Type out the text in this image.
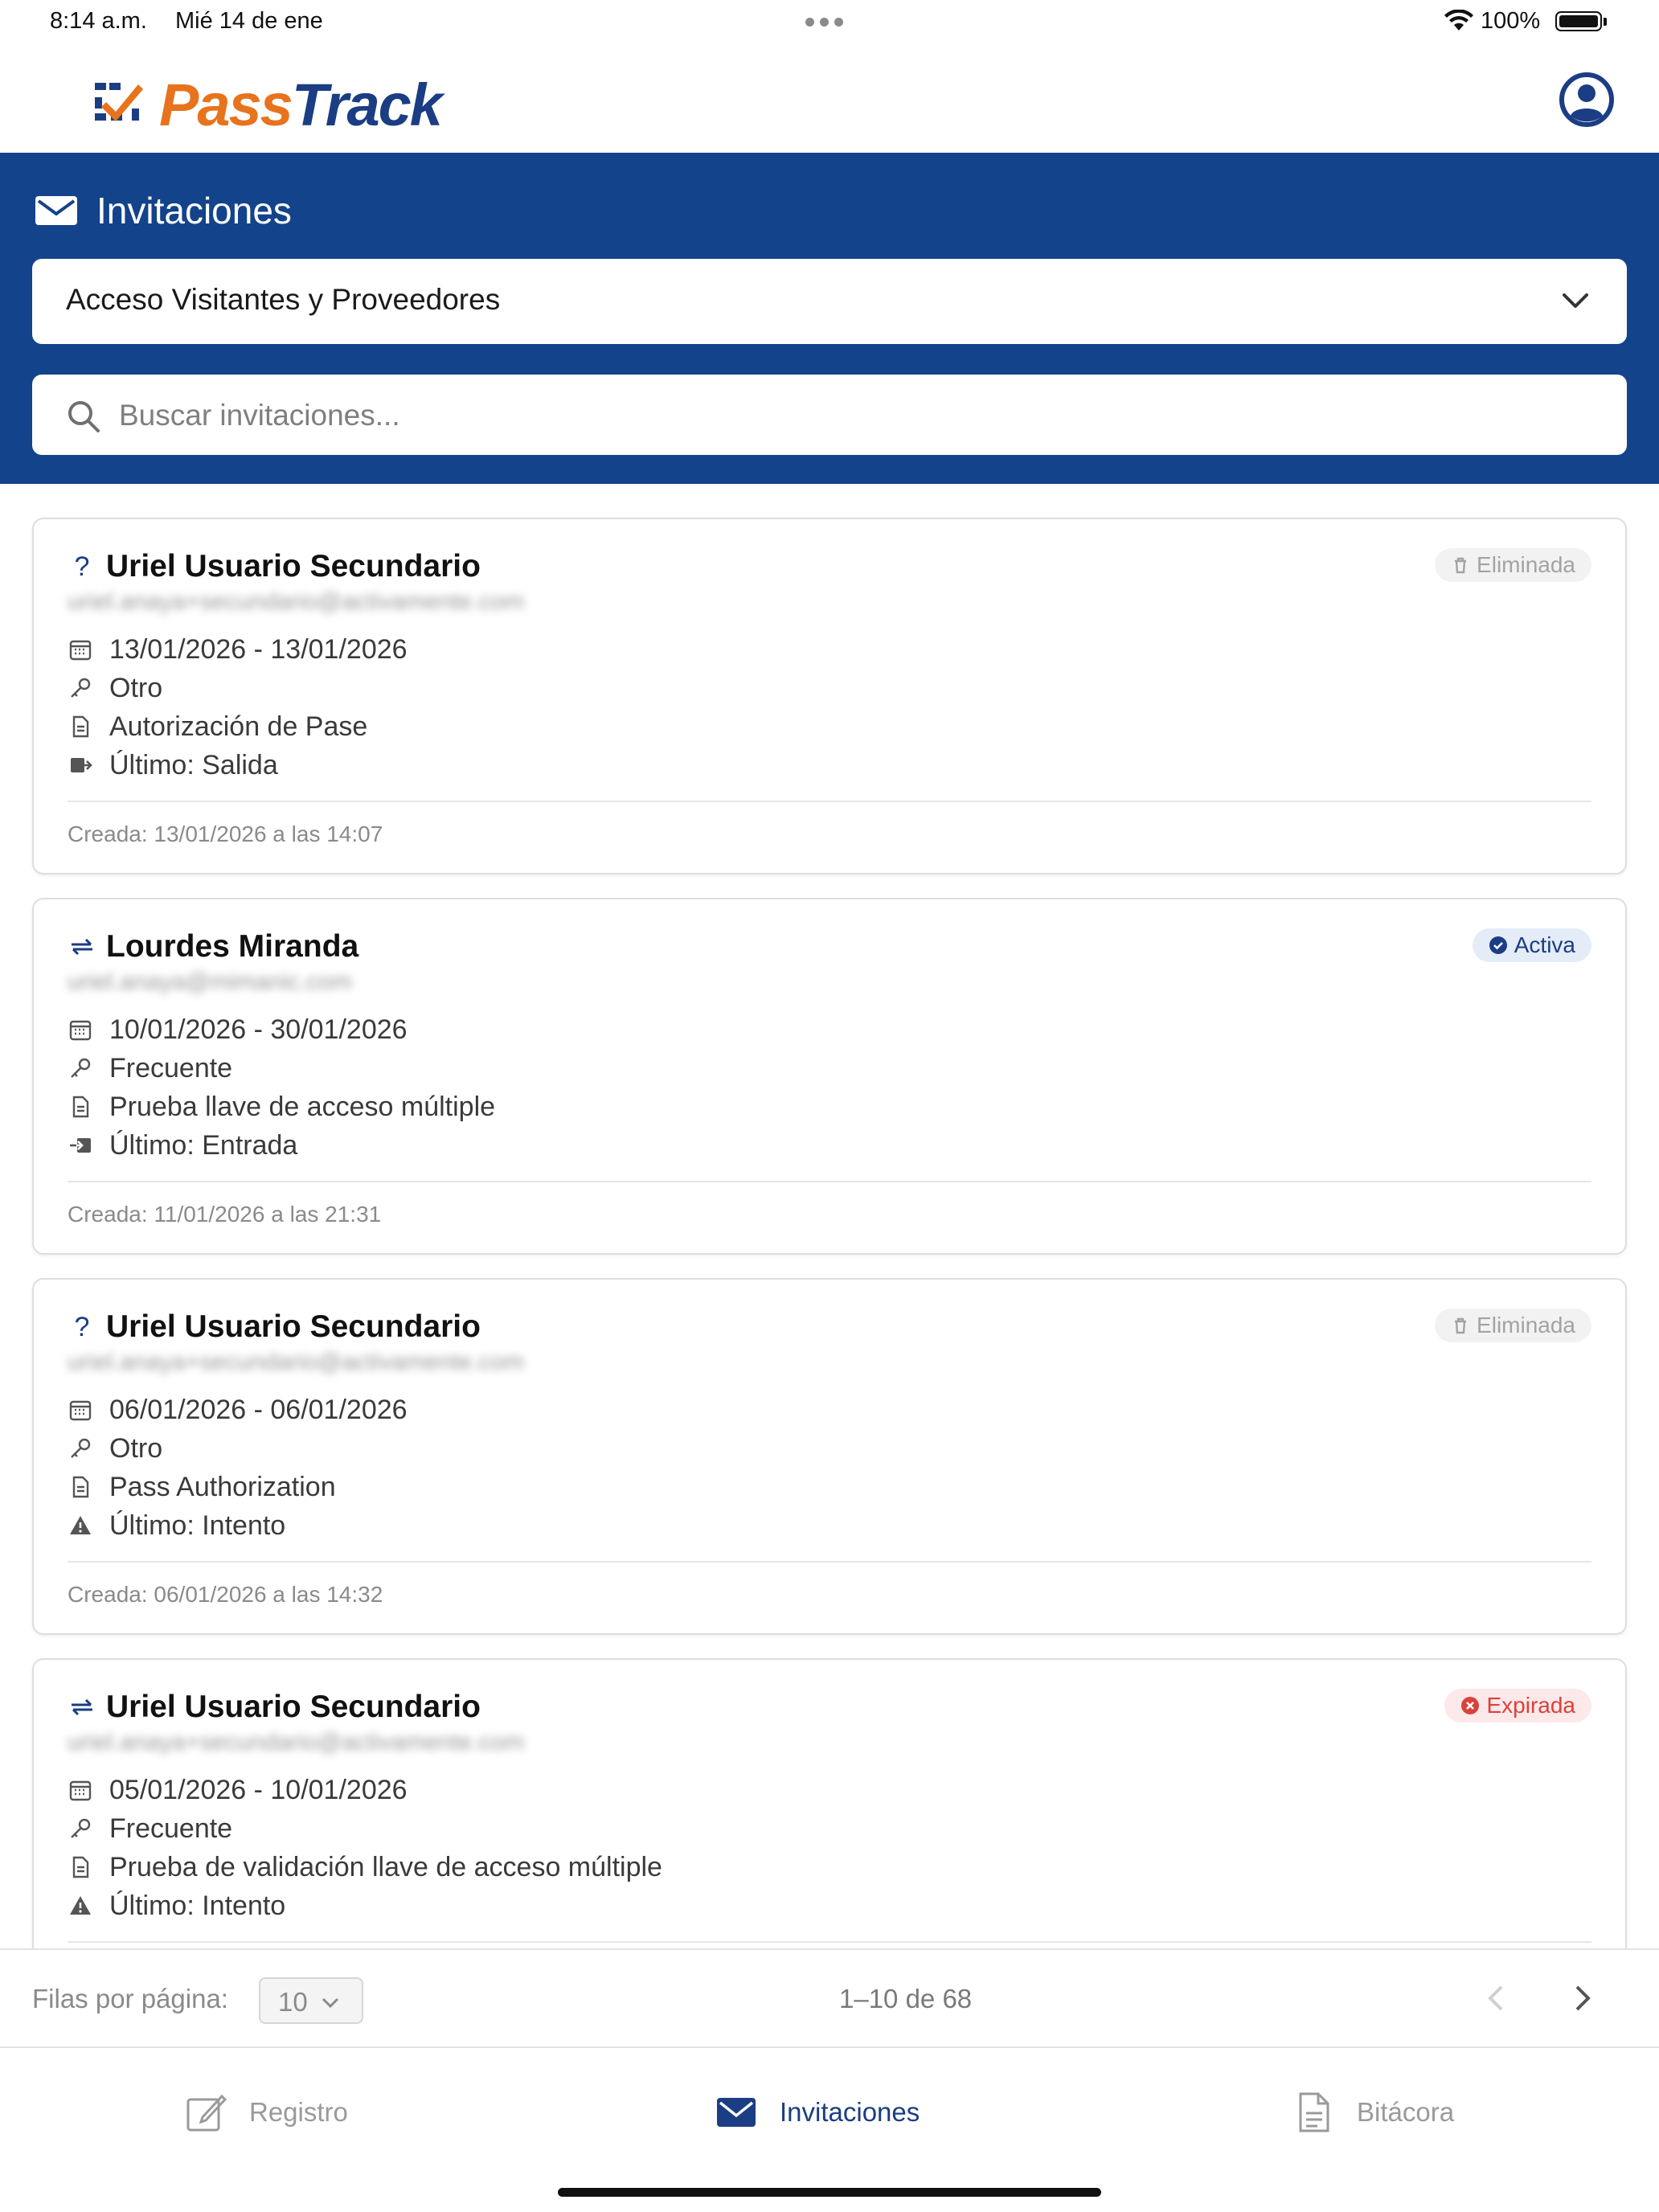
8:14 a.m. Mié 14 de ene	100%
PassTrack
Invitaciones
Acceso Visitantes y Proveedores
Buscar invitaciones...
? Uriel Usuario Secundario	Eliminada
uriel.anaya+secundario@activamente.com
13/01/2026 - 13/01/2026
Otro
Autorización de Pase
Último: Salida
Creada: 13/01/2026 a las 14:07
Lourdes Miranda	Activa
uriel.anaya@mimanic.com
10/01/2026 - 30/01/2026
Frecuente
Prueba llave de acceso múltiple
Último: Entrada
Creada: 11/01/2026 a las 21:31
? Uriel Usuario Secundario	Eliminada
uriel.anaya+secundario@activamente.com
06/01/2026 - 06/01/2026
Otro
Pass Authorization
Último: Intento
Creada: 06/01/2026 a las 14:32
Uriel Usuario Secundario	Expirada
uriel.anaya+secundario@activamente.com
05/01/2026 - 10/01/2026
Frecuente
Prueba de validación llave de acceso múltiple
Último: Intento
Filas por página: 10	1–10 de 68
Registro	Invitaciones	Bitácora
